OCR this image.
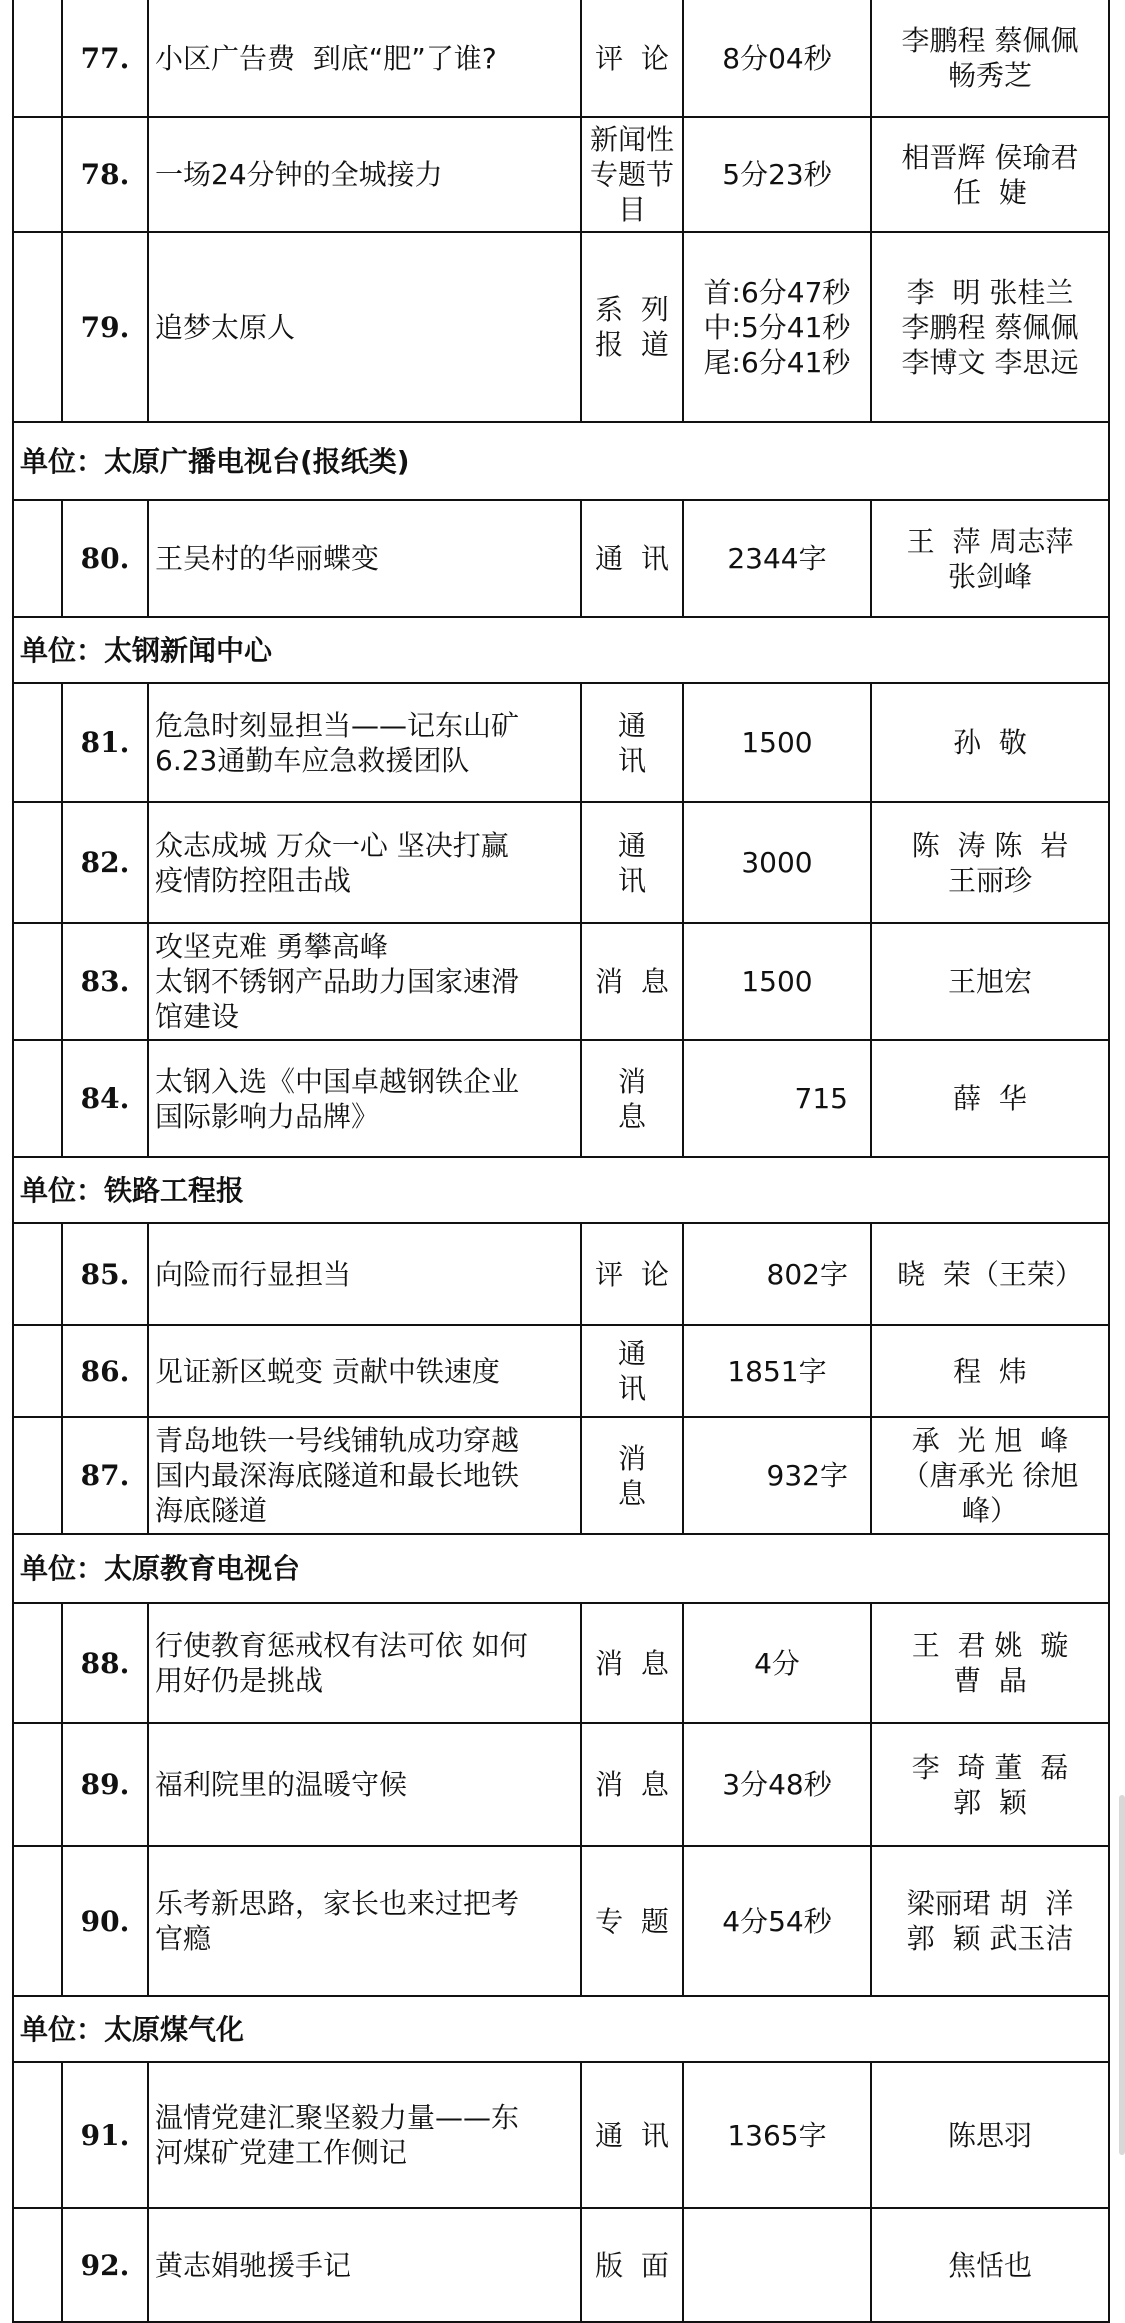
	77.	小区广告费  到底“肥”了谁?	评  论	8分04秒	李鹏程 蔡佩佩
畅秀芝

	78.	一场24分钟的全城接力	新闻性
专题节
目	5分23秒	相晋辉 侯瑜君
任  婕

	79.	追梦太原人	系  列
报  道	首:6分47秒
中:5分41秒
尾:6分41秒	李  明 张桂兰
李鹏程 蔡佩佩
李博文 李思远

单位：太原广播电视台(报纸类)					
	80.	王吴村的华丽蝶变	通  讯	2344字	王  萍 周志萍
张剑峰

单位：太钢新闻中心					
	81.	危急时刻显担当——记东山矿
6.23通勤车应急救援团队	通
讯	1500	孙  敬

	82.	众志成城 万众一心 坚决打赢
疫情防控阻击战	通
讯	3000	陈  涛 陈  岩
王丽珍

	83.	攻坚克难 勇攀高峰
太钢不锈钢产品助力国家速滑
馆建设	消  息	1500	王旭宏

	84.	太钢入选《中国卓越钢铁企业
国际影响力品牌》	消
息	715	薛  华

单位：铁路工程报					
	85.	向险而行显担当	评  论	802字	晓  荣（王荣）

	86.	见证新区蜕变 贡献中铁速度	通
讯	1851字	程  炜

	87.	青岛地铁一号线铺轨成功穿越
国内最深海底隧道和最长地铁
海底隧道	消
息	932字	承  光 旭  峰
（唐承光 徐旭
峰）

单位：太原教育电视台					
	88.	行使教育惩戒权有法可依 如何
用好仍是挑战	消  息	4分	王  君 姚  璇
曹  晶

	89.	福利院里的温暖守候	消  息	3分48秒	李  琦 董  磊
郭  颖

	90.	乐考新思路，家长也来过把考
官瘾	专  题	4分54秒	梁丽珺 胡  洋
郭  颖 武玉洁

单位：太原煤气化					
	91.	温情党建汇聚坚毅力量——东
河煤矿党建工作侧记	通  讯	1365字	陈思羽

	92.	黄志娟驰援手记	版  面		焦恬也
